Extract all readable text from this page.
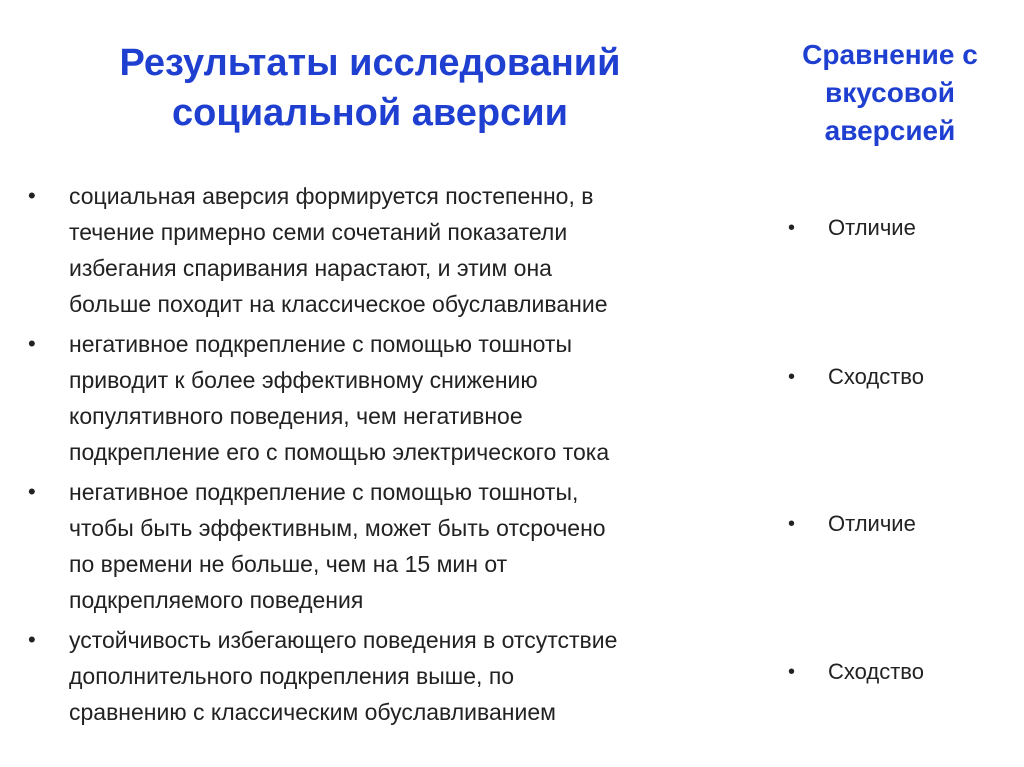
Результаты исследований
социальной аверсии
Сравнение с
вкусовой
аверсией
• социальная аверсия формируется постепенно, в
течение примерно семи сочетаний показатели
избегания спаривания нарастают, и этим она
больше походит на классическое обуславливание
• негативное подкрепление с помощью тошноты
приводит к более эффективному снижению
копулятивного поведения, чем негативное
подкрепление его с помощью электрического тока
• негативное подкрепление с помощью тошноты,
чтобы быть эффективным, может быть отсрочено
по времени не больше, чем на 15 мин от
подкрепляемого поведения
• устойчивость избегающего поведения в отсутствие
дополнительного подкрепления выше, по
сравнению с классическим обуславливанием
• Отличие
• Сходство
• Отличие
• Сходство
